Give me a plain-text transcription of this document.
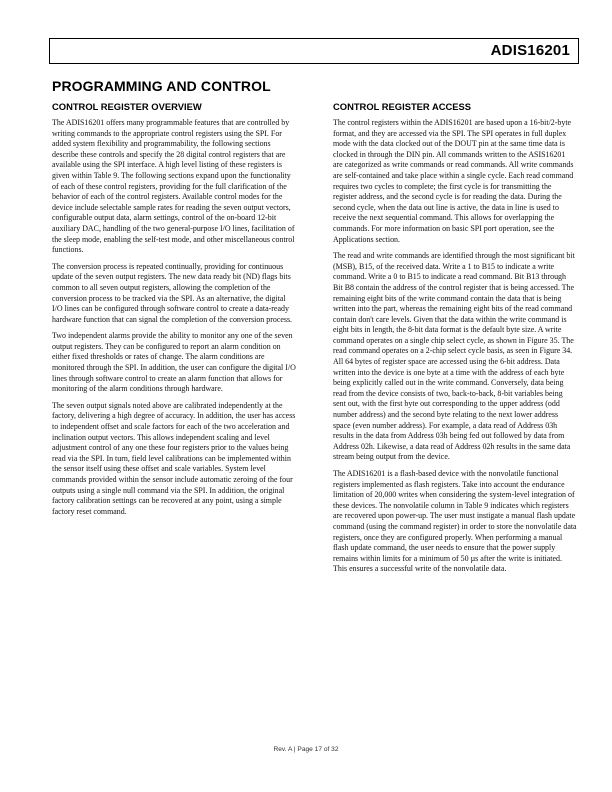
ADIS16201
PROGRAMMING AND CONTROL
CONTROL REGISTER OVERVIEW

The ADIS16201 offers many programmable features that are controlled by writing commands to the appropriate control registers using the SPI. For added system flexibility and programmability, the following sections describe these controls and specify the 28 digital control registers that are available using the SPI interface. A high level listing of these registers is given within Table 9. The following sections expand upon the functionality of each of these control registers, providing for the full clarification of the behavior of each of the control registers. Available control modes for the device include selectable sample rates for reading the seven output vectors, configurable output data, alarm settings, control of the on-board 12-bit auxiliary DAC, handling of the two general-purpose I/O lines, facilitation of the sleep mode, enabling the self-test mode, and other miscellaneous control functions.

The conversion process is repeated continually, providing for continuous update of the seven output registers. The new data ready bit (ND) flags bits common to all seven output registers, allowing the completion of the conversion process to be tracked via the SPI. As an alternative, the digital I/O lines can be configured through software control to create a data-ready hardware function that can signal the completion of the conversion process.

Two independent alarms provide the ability to monitor any one of the seven output registers. They can be configured to report an alarm condition on either fixed thresholds or rates of change. The alarm conditions are monitored through the SPI. In addition, the user can configure the digital I/O lines through software control to create an alarm function that allows for monitoring of the alarm conditions through hardware.

The seven output signals noted above are calibrated independently at the factory, delivering a high degree of accuracy. In addition, the user has access to independent offset and scale factors for each of the two acceleration and inclination output vectors. This allows independent scaling and level adjustment control of any one these four registers prior to the values being read via the SPI. In turn, field level calibrations can be implemented within the sensor itself using these offset and scale variables. System level commands provided within the sensor include automatic zeroing of the four outputs using a single null command via the SPI. In addition, the original factory calibration settings can be recovered at any point, using a simple factory reset command.

CONTROL REGISTER ACCESS

The control registers within the ADIS16201 are based upon a 16-bit/2-byte format, and they are accessed via the SPI. The SPI operates in full duplex mode with the data clocked out of the DOUT pin at the same time data is clocked in through the DIN pin. All commands written to the ASIS16201 are categorized as write commands or read commands. All write commands are self-contained and take place within a single cycle. Each read command requires two cycles to complete; the first cycle is for transmitting the register address, and the second cycle is for reading the data. During the second cycle, when the data out line is active, the data in line is used to receive the next sequential command. This allows for overlapping the commands. For more information on basic SPI port operation, see the Applications section.

The read and write commands are identified through the most significant bit (MSB), B15, of the received data. Write a 1 to B15 to indicate a write command. Write a 0 to B15 to indicate a read command. Bit B13 through Bit B8 contain the address of the control register that is being accessed. The remaining eight bits of the write command contain the data that is being written into the part, whereas the remaining eight bits of the read command contain don't care levels. Given that the data within the write command is eight bits in length, the 8-bit data format is the default byte size. A write command operates on a single chip select cycle, as shown in Figure 35. The read command operates on a 2-chip select cycle basis, as seen in Figure 34. All 64 bytes of register space are accessed using the 6-bit address. Data written into the device is one byte at a time with the address of each byte being explicitly called out in the write command. Conversely, data being read from the device consists of two, back-to-back, 8-bit variables being sent out, with the first byte out corresponding to the upper address (odd number address) and the second byte relating to the next lower address space (even number address). For example, a data read of Address 03h results in the data from Address 03h being fed out followed by data from Address 02h. Likewise, a data read of Address 02h results in the same data stream being output from the device.

The ADIS16201 is a flash-based device with the nonvolatile functional registers implemented as flash registers. Take into account the endurance limitation of 20,000 writes when considering the system-level integration of these devices. The nonvolatile column in Table 9 indicates which registers are recovered upon power-up. The user must instigate a manual flash update command (using the command register) in order to store the nonvolatile data registers, once they are configured properly. When performing a manual flash update command, the user needs to ensure that the power supply remains within limits for a minimum of 50 µs after the write is initiated. This ensures a successful write of the nonvolatile data.

Rev. A | Page 17 of 32
